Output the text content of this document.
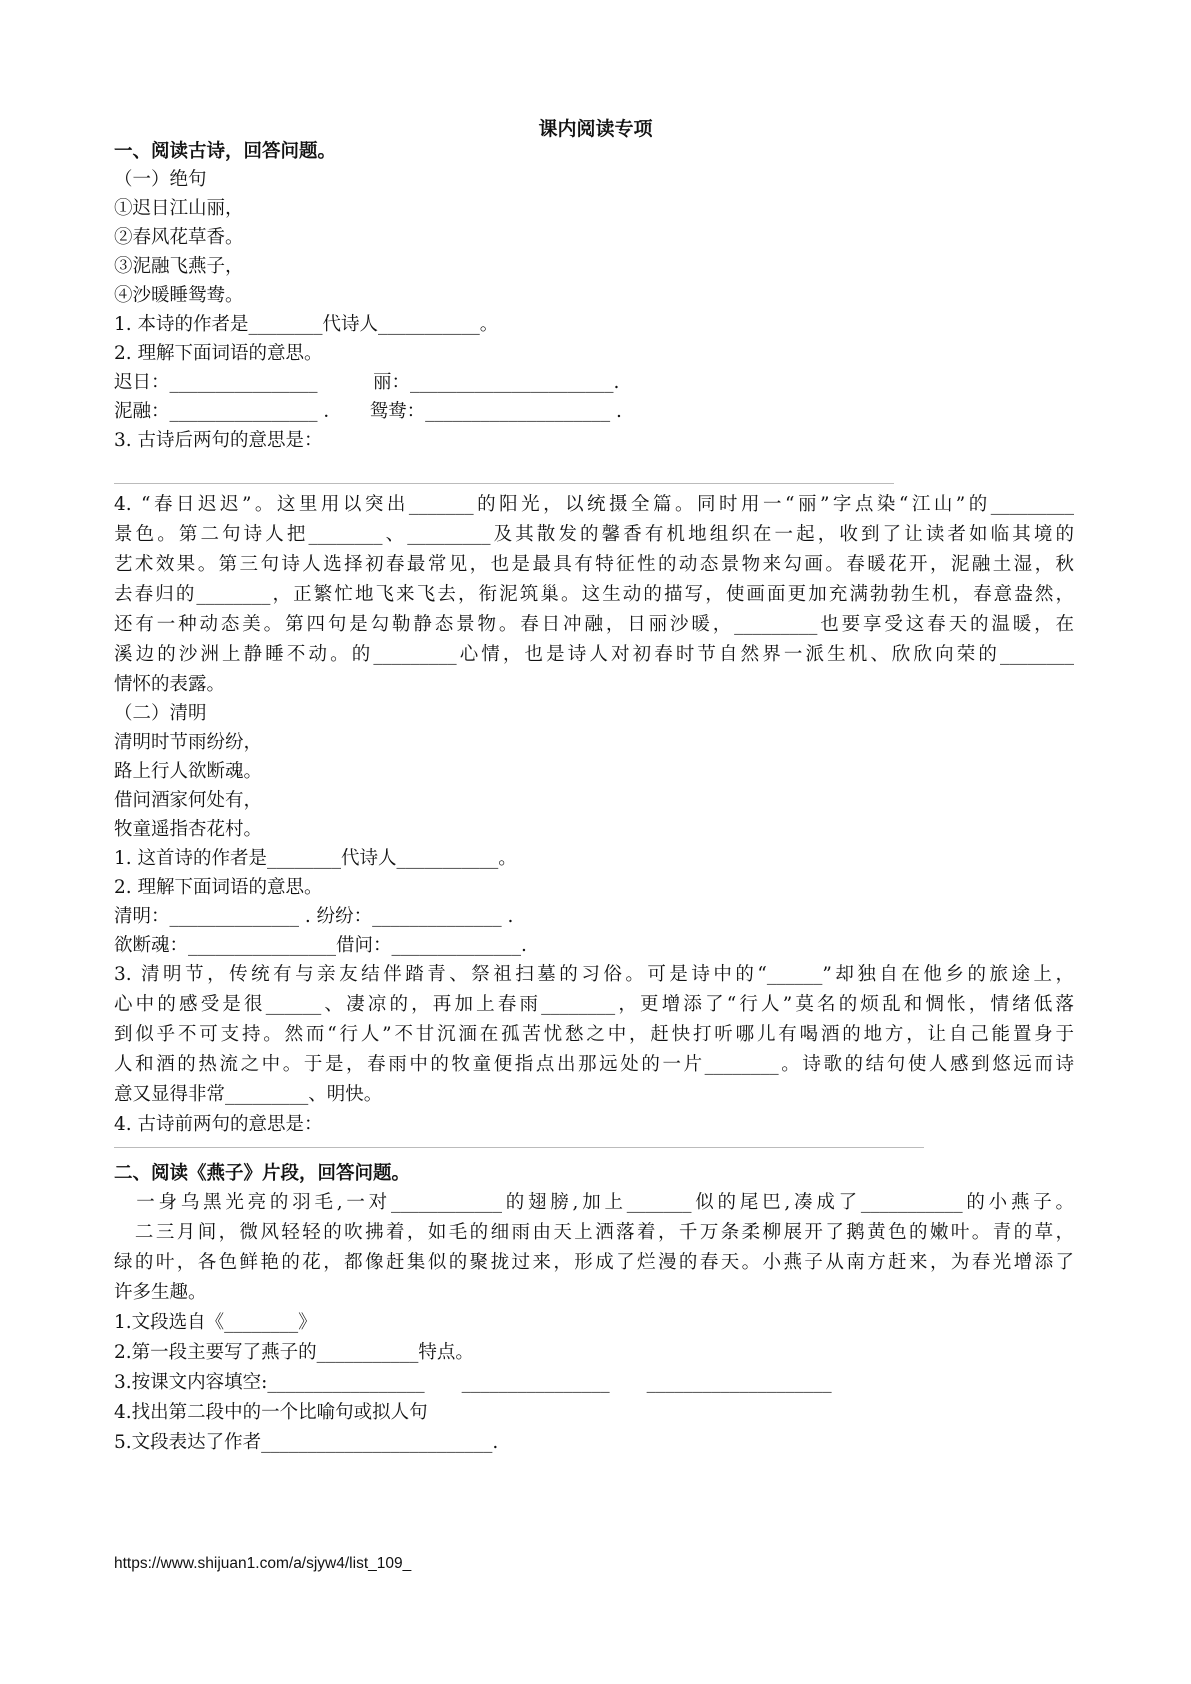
课内阅读专项
一、阅读古诗，回答问题。
（一）绝句
①迟日江山丽，
②春风花草香。
③泥融飞燕子，
④沙暖睡鸳鸯。
1. 本诗的作者是________代诗人___________。
2. 理解下面词语的意思。
迟日：________________　　　丽：______________________.
泥融：________________ ．　　鸳鸯：____________________ .
3. 古诗后两句的意思是：
4. “春日迟迟”。这里用以突出_______的阳光，以统摄全篇。同时用一“丽”字点染“江山”的_________
景色。第二句诗人把________、_________及其散发的馨香有机地组织在一起，收到了让读者如临其境的
艺术效果。第三句诗人选择初春最常见，也是最具有特征性的动态景物来勾画。春暖花开，泥融土湿，秋
去春归的________，正繁忙地飞来飞去，衔泥筑巢。这生动的描写，使画面更加充满勃勃生机，春意盎然，
还有一种动态美。第四句是勾勒静态景物。春日冲融，日丽沙暖，_________也要享受这春天的温暖，在
溪边的沙洲上静睡不动。的_________心情，也是诗人对初春时节自然界一派生机、欣欣向荣的________
情怀的表露。
（二）清明
清明时节雨纷纷，
路上行人欲断魂。
借问酒家何处有，
牧童遥指杏花村。
1. 这首诗的作者是________代诗人___________。
2. 理解下面词语的意思。
清明：______________ . 纷纷：______________ .
欲断魂：________________借问：______________.
3. 清明节，传统有与亲友结伴踏青、祭祖扫墓的习俗。可是诗中的“______”却独自在他乡的旅途上，
心中的感受是很______、凄凉的，再加上春雨________，更增添了“行人”莫名的烦乱和惆怅，情绪低落
到似乎不可支持。然而“行人”不甘沉湎在孤苦忧愁之中，赶快打听哪儿有喝酒的地方，让自己能置身于
人和酒的热流之中。于是，春雨中的牧童便指点出那远处的一片________。诗歌的结句使人感到悠远而诗
意又显得非常_________、明快。
4. 古诗前两句的意思是：
二、阅读《燕子》片段，回答问题。
　一身乌黑光亮的羽毛,一对____________的翅膀,加上_______似的尾巴,凑成了___________的小燕子。
　二三月间，微风轻轻的吹拂着，如毛的细雨由天上洒落着，千万条柔柳展开了鹅黄色的嫩叶。青的草，
绿的叶，各色鲜艳的花，都像赶集似的聚拢过来，形成了烂漫的春天。小燕子从南方赶来，为春光增添了
许多生趣。
1.文段选自《________》
2.第一段主要写了燕子的___________特点。
3.按课文内容填空:_________________　　________________　　____________________
4.找出第二段中的一个比喻句或拟人句
5.文段表达了作者_________________________.
https://www.shijuan1.com/a/sjyw4/list_109_
